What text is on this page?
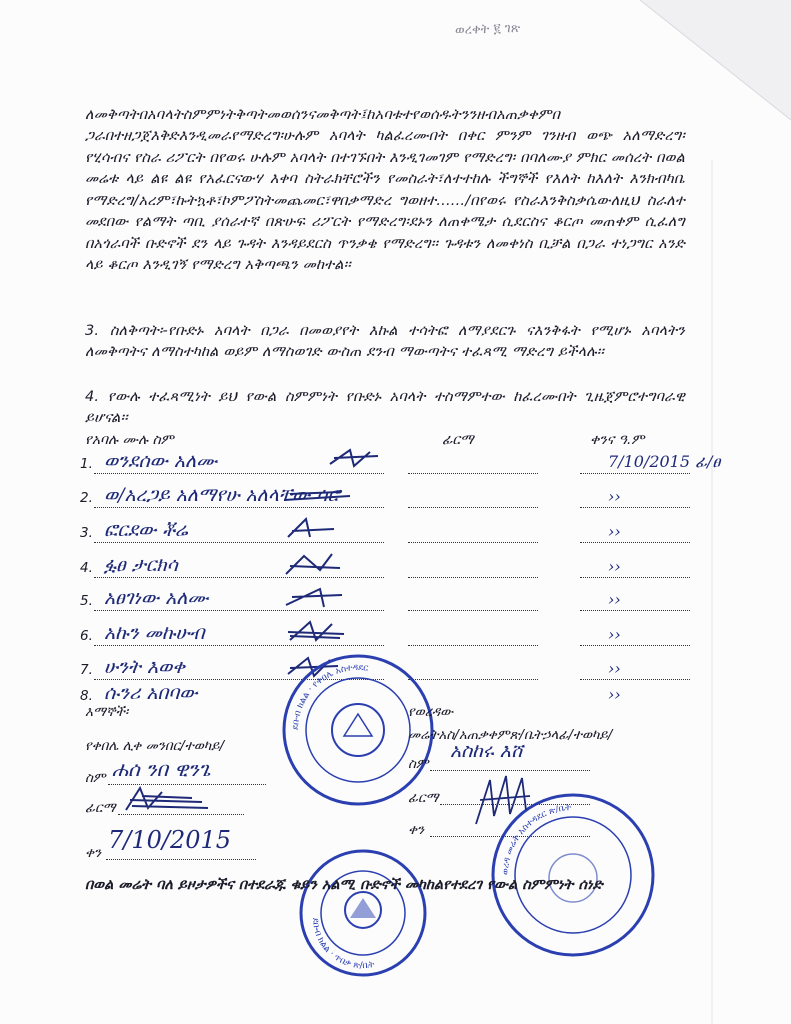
ወረቀት ፪ ገጽ

ለመቅጣትበአባላትስምምነትቅጣትመወሰንናመቅጣት፤ከአባቱተየወሰዱትንንዘብአጠቃቀምበ ጋራበተዘጋጀእቅድእንዲመራየማድረግ፡ሁሉም አባላት ካልፈረሙበት በቀር ምንም ገንዘብ ወጭ አለማድረግ፡ የሂሳብና የስራ ሪፖርት በየወሩ ሁሉም አባላት በተገኙበት እንዲገመገም የማድረግ፡ በባለሙያ ምክር መሰረት በወል መሬቱ ላይ ልዩ ልዩ የአፈርናውሃ እቀባ ስትራክቸሮችን የመስራት፣ለተተከሉ ችግኞች የእለት ከእለት እንክብካቤ የማድረግ/አረም፣ኩትኳቶ፣ኮምፖስትመጨመር፣ዋበቃማድረ ግወዘተ....../በየወሩ የስራእንቅስቃሴውለዚህ ስራለተ መደበው የልማት ጣቢ ያሰራተኛ በጽሁፍ ሪፖርት የማድረግ፡ደኑን ለጠቀሜታ ሲደርስና ቆርጦ መጠቀም ሲፈለግ በአጎራባች ቡድኖች ደን ላይ ጉዳት እንዳይደርስ ጥንቃቄ የማድረግ፡፡ ጉዳቱን ለመቀነስ ቢቻል በጋራ ተነጋግር አንድ ላይ ቆርጦ እንዲገኝ የማድረግ አቅጣጫን መከተል፡፡

3. ስለቅጣት፡-የቡድኑ አባላት በጋራ በመወያየት እኩል ተሳትፎ ለማያደርጉ ናእንቅፋት የሚሆኑ አባላትን ለመቅጣትና ለማስተካከል ወይም ለማስወገድ ውስጠ ደንብ ማውጣትና ተፈጻሚ ማድረግ ይችላሉ፡፡

4. የውሉ ተፈጻሚነት ይህ የውል ስምምነት የቡድኑ አባላት ተስማምተው ከፈረሙበት ጊዜጀምሮተግባራዊ ይሆናል፡፡

የአባሉ ሙሉ ስም	ፊርማ	ቀንና ዓ.ም
1. ወንደሰው አለሙ	7/10/2015 ፊ/ፀ
2. ወ/አረጋይ አለማየሁ አለላቸው ሳሮ	››
3. ፎርደው ቾሬ	››
4. ፏፀ ታርክሳ	››
5. አፀገነው አለሙ	››
6. አኩን መኩሁብ	››
7. ሁንት እወቀ	››
8. ሱንሪ አበባው	››
ደቡብ ክልል · የቀበሌ አስተዳደር
ደቡብ ክልል · ጥበቃ ጽ/ቤት
ወረዳ መሬት አስተዳደር ጽ/ቤት
እማኞች፡
የቀበሌ ሊቀ መንበር/ተወካይ/
ስም ሐሰ ንበ ዊንጌ
ፊርማ
ቀን 7/10/2015
የወረዳው
መሬትአስ/አጠቃቀምጽ/ቤትኃላፊ/ተወካይ/
ስም
አስከሩ እሸ
ፊርማ
ቀን
በወል መሬት ባለ ይዞታዎችና በተደራጁ ቁይን አልሚ ቡድኖች መካከልየተደረገ የውል ስምምነት ሰነድ
